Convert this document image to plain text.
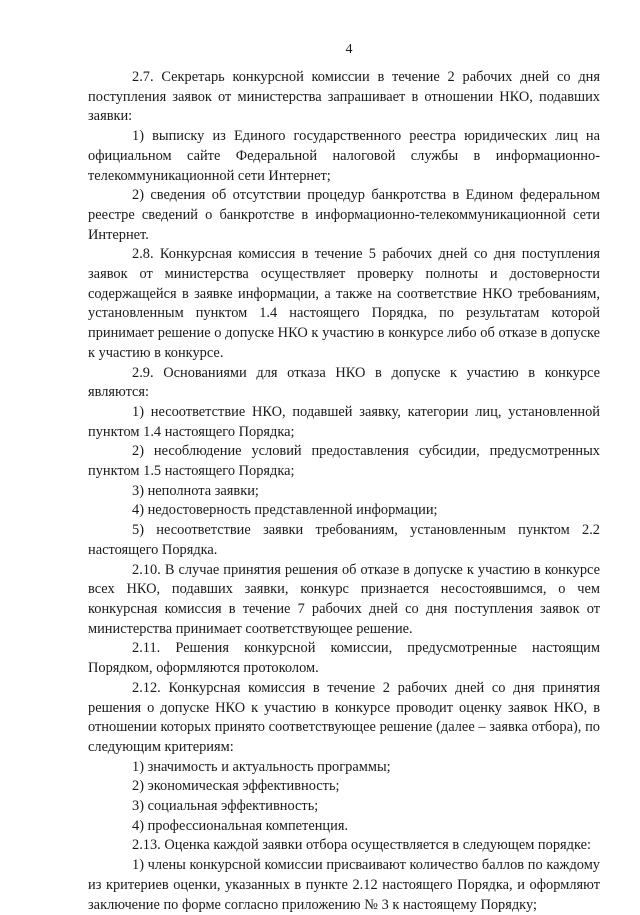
4

2.7. Секретарь конкурсной комиссии в течение 2 рабочих дней со дня поступления заявок от министерства запрашивает в отношении НКО, подавших заявки:

1) выписку из Единого государственного реестра юридических лиц на официальном сайте Федеральной налоговой службы в информационно-телекоммуникационной сети Интернет;

2) сведения об отсутствии процедур банкротства в Едином федеральном реестре сведений о банкротстве в информационно-телекоммуникационной сети Интернет.

2.8. Конкурсная комиссия в течение 5 рабочих дней со дня поступления заявок от министерства осуществляет проверку полноты и достоверности содержащейся в заявке информации, а также на соответствие НКО требованиям, установленным пунктом 1.4 настоящего Порядка, по результатам которой принимает решение о допуске НКО к участию в конкурсе либо об отказе в допуске к участию в конкурсе.

2.9. Основаниями для отказа НКО в допуске к участию в конкурсе являются:

1) несоответствие НКО, подавшей заявку, категории лиц, установленной пунктом 1.4 настоящего Порядка;

2) несоблюдение условий предоставления субсидии, предусмотренных пунктом 1.5 настоящего Порядка;

3) неполнота заявки;

4) недостоверность представленной информации;

5) несоответствие заявки требованиям, установленным пунктом 2.2 настоящего Порядка.

2.10. В случае принятия решения об отказе в допуске к участию в конкурсе всех НКО, подавших заявки, конкурс признается несостоявшимся, о чем конкурсная комиссия в течение 7 рабочих дней со дня поступления заявок от министерства принимает соответствующее решение.

2.11. Решения конкурсной комиссии, предусмотренные настоящим Порядком, оформляются протоколом.

2.12. Конкурсная комиссия в течение 2 рабочих дней со дня принятия решения о допуске НКО к участию в конкурсе проводит оценку заявок НКО, в отношении которых принято соответствующее решение (далее – заявка отбора), по следующим критериям:

1) значимость и актуальность программы;

2) экономическая эффективность;

3) социальная эффективность;

4) профессиональная компетенция.

2.13. Оценка каждой заявки отбора осуществляется в следующем порядке:

1) члены конкурсной комиссии присваивают количество баллов по каждому из критериев оценки, указанных в пункте 2.12 настоящего Порядка, и оформляют заключение по форме согласно приложению № 3 к настоящему Порядку;
